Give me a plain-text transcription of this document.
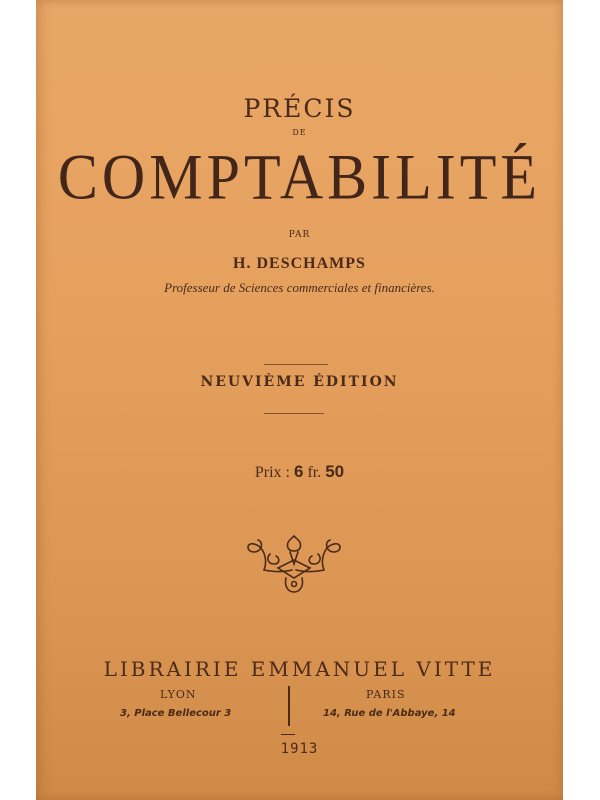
PRÉCIS
DE
COMPTABILITÉ
PAR
H. DESCHAMPS
Professeur de Sciences commerciales et financières.
NEUVIÈME ÉDITION
Prix : 6 fr. 50
LIBRAIRIE EMMANUEL VITTE
LYON
3, Place Bellecour 3
PARIS
14, Rue de l'Abbaye, 14
1913
